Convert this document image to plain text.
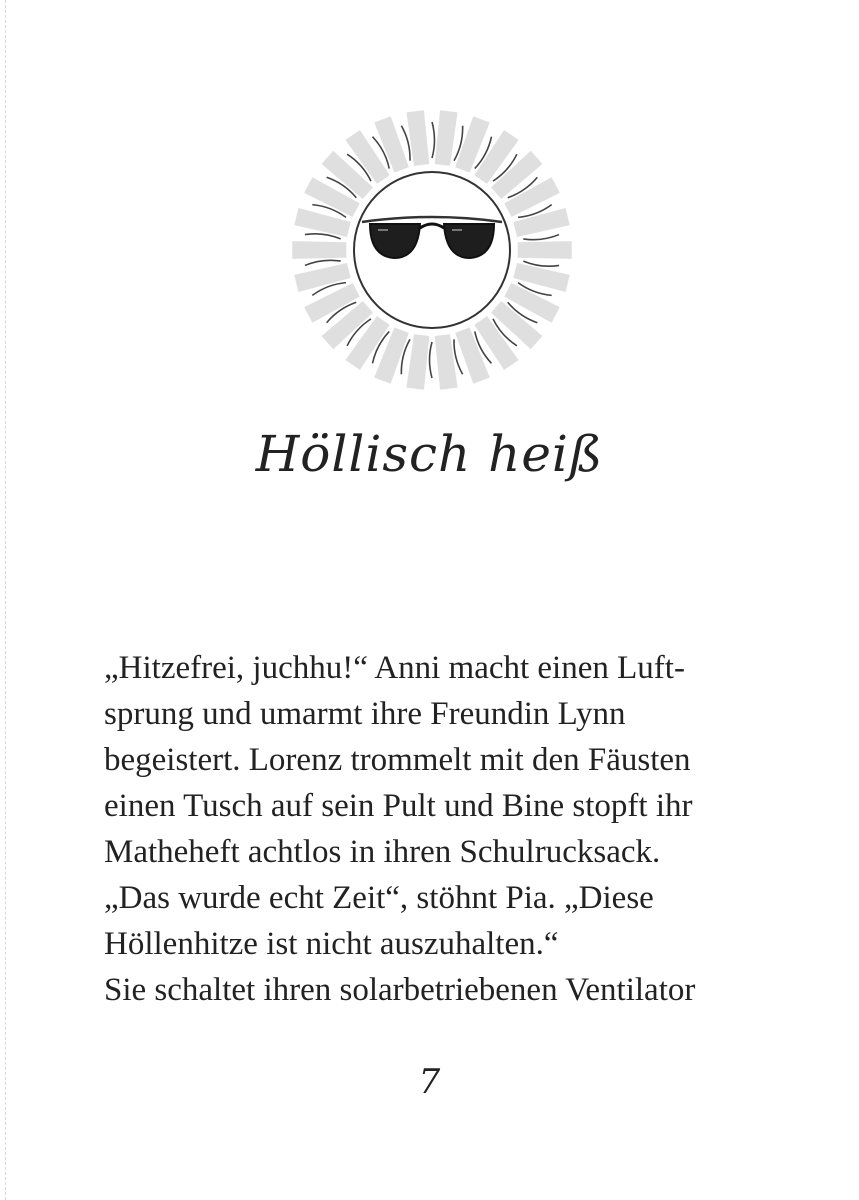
Höllisch heiß

„Hitzefrei, juchhu!“ Anni macht einen Luft-
sprung und umarmt ihre Freundin Lynn
begeistert. Lorenz trommelt mit den Fäusten
einen Tusch auf sein Pult und Bine stopft ihr
Matheheft achtlos in ihren Schulrucksack.
„Das wurde echt Zeit“, stöhnt Pia. „Diese
Höllenhitze ist nicht auszuhalten.“
Sie schaltet ihren solarbetriebenen Ventilator

7
